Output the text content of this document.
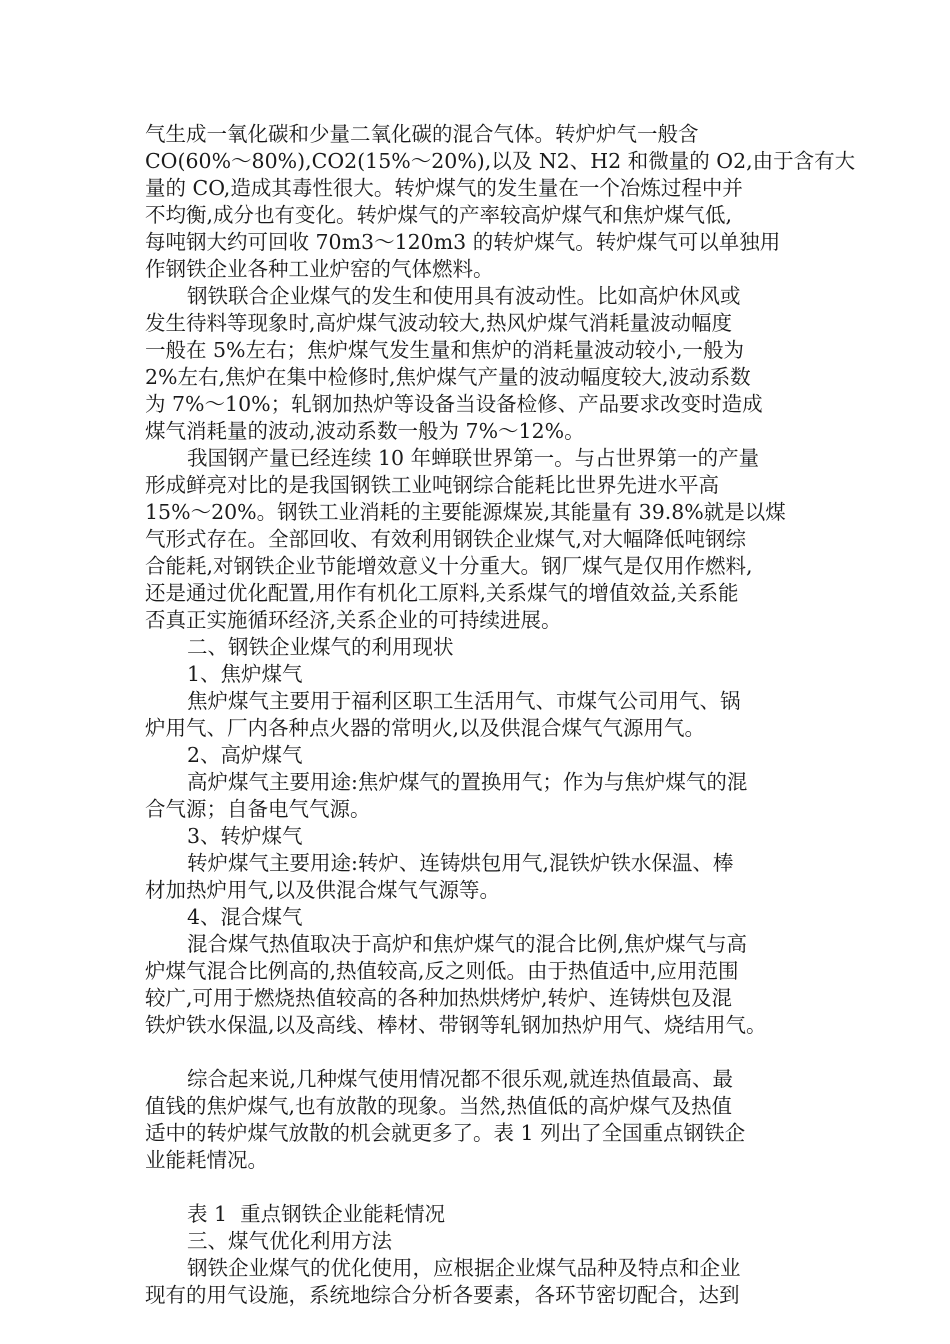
气生成一氧化碳和少量二氧化碳的混合气体。转炉炉气一般含
CO(60%～80%),CO2(15%～20%),以及 N2、H2 和微量的 O2,由于含有大
量的 CO,造成其毒性很大。转炉煤气的发生量在一个冶炼过程中并
不均衡,成分也有变化。转炉煤气的产率较高炉煤气和焦炉煤气低,
每吨钢大约可回收 70m3～120m3 的转炉煤气。转炉煤气可以单独用
作钢铁企业各种工业炉窑的气体燃料。
钢铁联合企业煤气的发生和使用具有波动性。比如高炉休风或
发生待料等现象时,高炉煤气波动较大,热风炉煤气消耗量波动幅度
一般在 5%左右；焦炉煤气发生量和焦炉的消耗量波动较小,一般为
2%左右,焦炉在集中检修时,焦炉煤气产量的波动幅度较大,波动系数
为 7%～10%；轧钢加热炉等设备当设备检修、产品要求改变时造成
煤气消耗量的波动,波动系数一般为 7%～12%。
我国钢产量已经连续 10 年蝉联世界第一。与占世界第一的产量
形成鲜亮对比的是我国钢铁工业吨钢综合能耗比世界先进水平高
15%～20%。钢铁工业消耗的主要能源煤炭,其能量有 39.8%就是以煤
气形式存在。全部回收、有效利用钢铁企业煤气,对大幅降低吨钢综
合能耗,对钢铁企业节能增效意义十分重大。钢厂煤气是仅用作燃料,
还是通过优化配置,用作有机化工原料,关系煤气的增值效益,关系能
否真正实施循环经济,关系企业的可持续进展。
二、钢铁企业煤气的利用现状
1、焦炉煤气
焦炉煤气主要用于福利区职工生活用气、市煤气公司用气、锅
炉用气、厂内各种点火器的常明火,以及供混合煤气气源用气。
2、高炉煤气
高炉煤气主要用途:焦炉煤气的置换用气；作为与焦炉煤气的混
合气源；自备电气气源。
3、转炉煤气
转炉煤气主要用途:转炉、连铸烘包用气,混铁炉铁水保温、棒
材加热炉用气,以及供混合煤气气源等。
4、混合煤气
混合煤气热值取决于高炉和焦炉煤气的混合比例,焦炉煤气与高
炉煤气混合比例高的,热值较高,反之则低。由于热值适中,应用范围
较广,可用于燃烧热值较高的各种加热烘烤炉,转炉、连铸烘包及混
铁炉铁水保温,以及高线、棒材、带钢等轧钢加热炉用气、烧结用气。
综合起来说,几种煤气使用情况都不很乐观,就连热值最高、最
值钱的焦炉煤气,也有放散的现象。当然,热值低的高炉煤气及热值
适中的转炉煤气放散的机会就更多了。表 1 列出了全国重点钢铁企
业能耗情况。
表 1  重点钢铁企业能耗情况
三、煤气优化利用方法
钢铁企业煤气的优化使用，应根据企业煤气品种及特点和企业
现有的用气设施，系统地综合分析各要素，各环节密切配合，达到
